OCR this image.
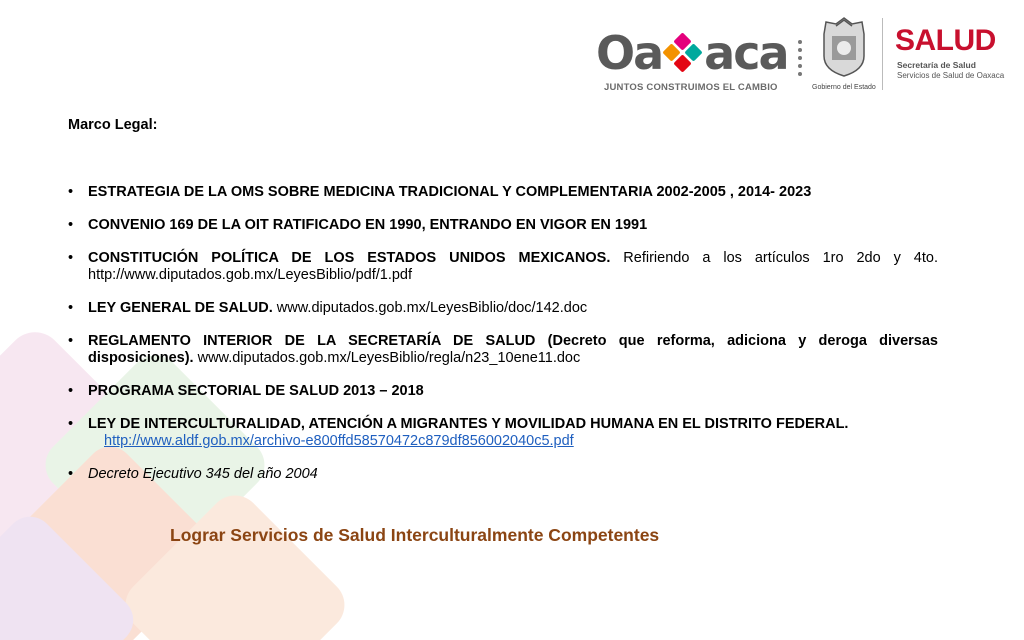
Oa aca
JUNTOS CONSTRUIMOS EL CAMBIO	Gobierno del Estado
SALUD
Secretaría de Salud
Servicios de Salud de Oaxaca
Marco Legal:
• ESTRATEGIA DE LA OMS SOBRE MEDICINA TRADICIONAL Y COMPLEMENTARIA 2002-2005 , 2014- 2023
• CONVENIO 169 DE LA OIT RATIFICADO EN 1990, ENTRANDO EN VIGOR EN 1991
• CONSTITUCIÓN POLÍTICA DE LOS ESTADOS UNIDOS MEXICANOS. Refiriendo a los artículos 1ro 2do y 4to. http://www.diputados.gob.mx/LeyesBiblio/pdf/1.pdf
• LEY GENERAL DE SALUD. www.diputados.gob.mx/LeyesBiblio/doc/142.doc
• REGLAMENTO INTERIOR DE LA SECRETARÍA DE SALUD (Decreto que reforma, adiciona y deroga diversas disposiciones). www.diputados.gob.mx/LeyesBiblio/regla/n23_10ene11.doc
• PROGRAMA SECTORIAL DE SALUD 2013 – 2018
• LEY DE INTERCULTURALIDAD, ATENCIÓN A MIGRANTES Y MOVILIDAD HUMANA EN EL DISTRITO FEDERAL.
http://www.aldf.gob.mx/archivo-e800ffd58570472c879df856002040c5.pdf
• Decreto Ejecutivo 345 del año 2004
Lograr Servicios de Salud Interculturalmente Competentes
